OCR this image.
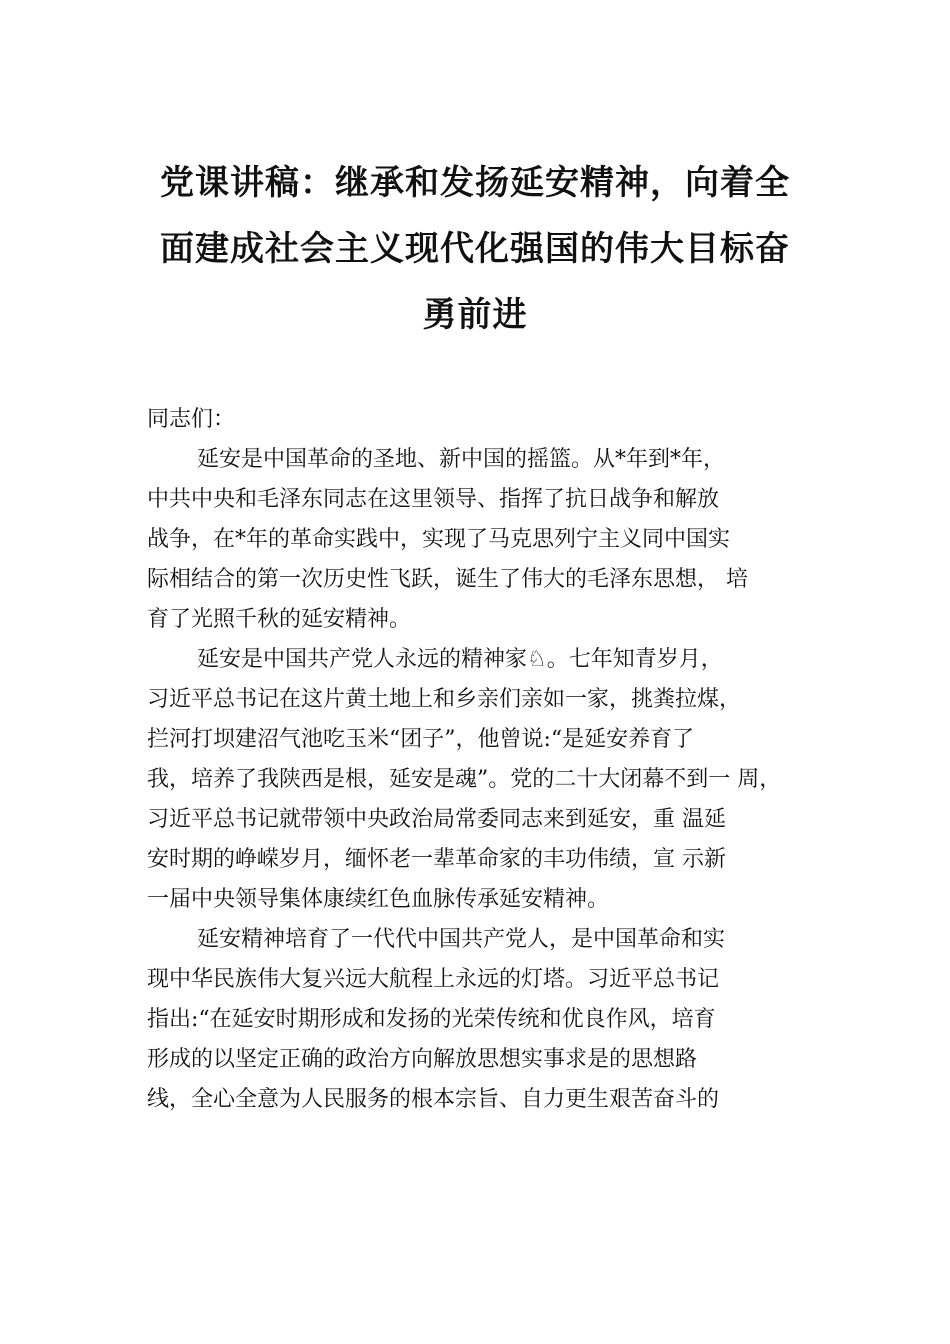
党课讲稿：继承和发扬延安精神，向着全
面建成社会主义现代化强国的伟大目标奋
勇前进
同志们：
延安是中国革命的圣地、新中国的摇篮。从*年到*年，
中共中央和毛泽东同志在这里领导、指挥了抗日战争和解放
战争，在*年的革命实践中，实现了马克思列宁主义同中国实
际相结合的第一次历史性飞跃，诞生了伟大的毛泽东思想， 培
育了光照千秋的延安精神。
延安是中国共产党人永远的精神家♘。七年知青岁月，
习近平总书记在这片黄土地上和乡亲们亲如一家，挑粪拉煤，
拦河打坝建沼气池吃玉米“团子”，他曾说:“是延安养育了
我，培养了我陕西是根，延安是魂”。党的二十大闭幕不到一 周，
习近平总书记就带领中央政治局常委同志来到延安，重 温延
安时期的峥嵘岁月，缅怀老一辈革命家的丰功伟绩，宣 示新
一届中央领导集体康续红色血脉传承延安精神。
延安精神培育了一代代中国共产党人，是中国革命和实
现中华民族伟大复兴远大航程上永远的灯塔。习近平总书记
指出:“在延安时期形成和发扬的光荣传统和优良作风，培育
形成的以坚定正确的政治方向解放思想实事求是的思想路
线，全心全意为人民服务的根本宗旨、自力更生艰苦奋斗的
